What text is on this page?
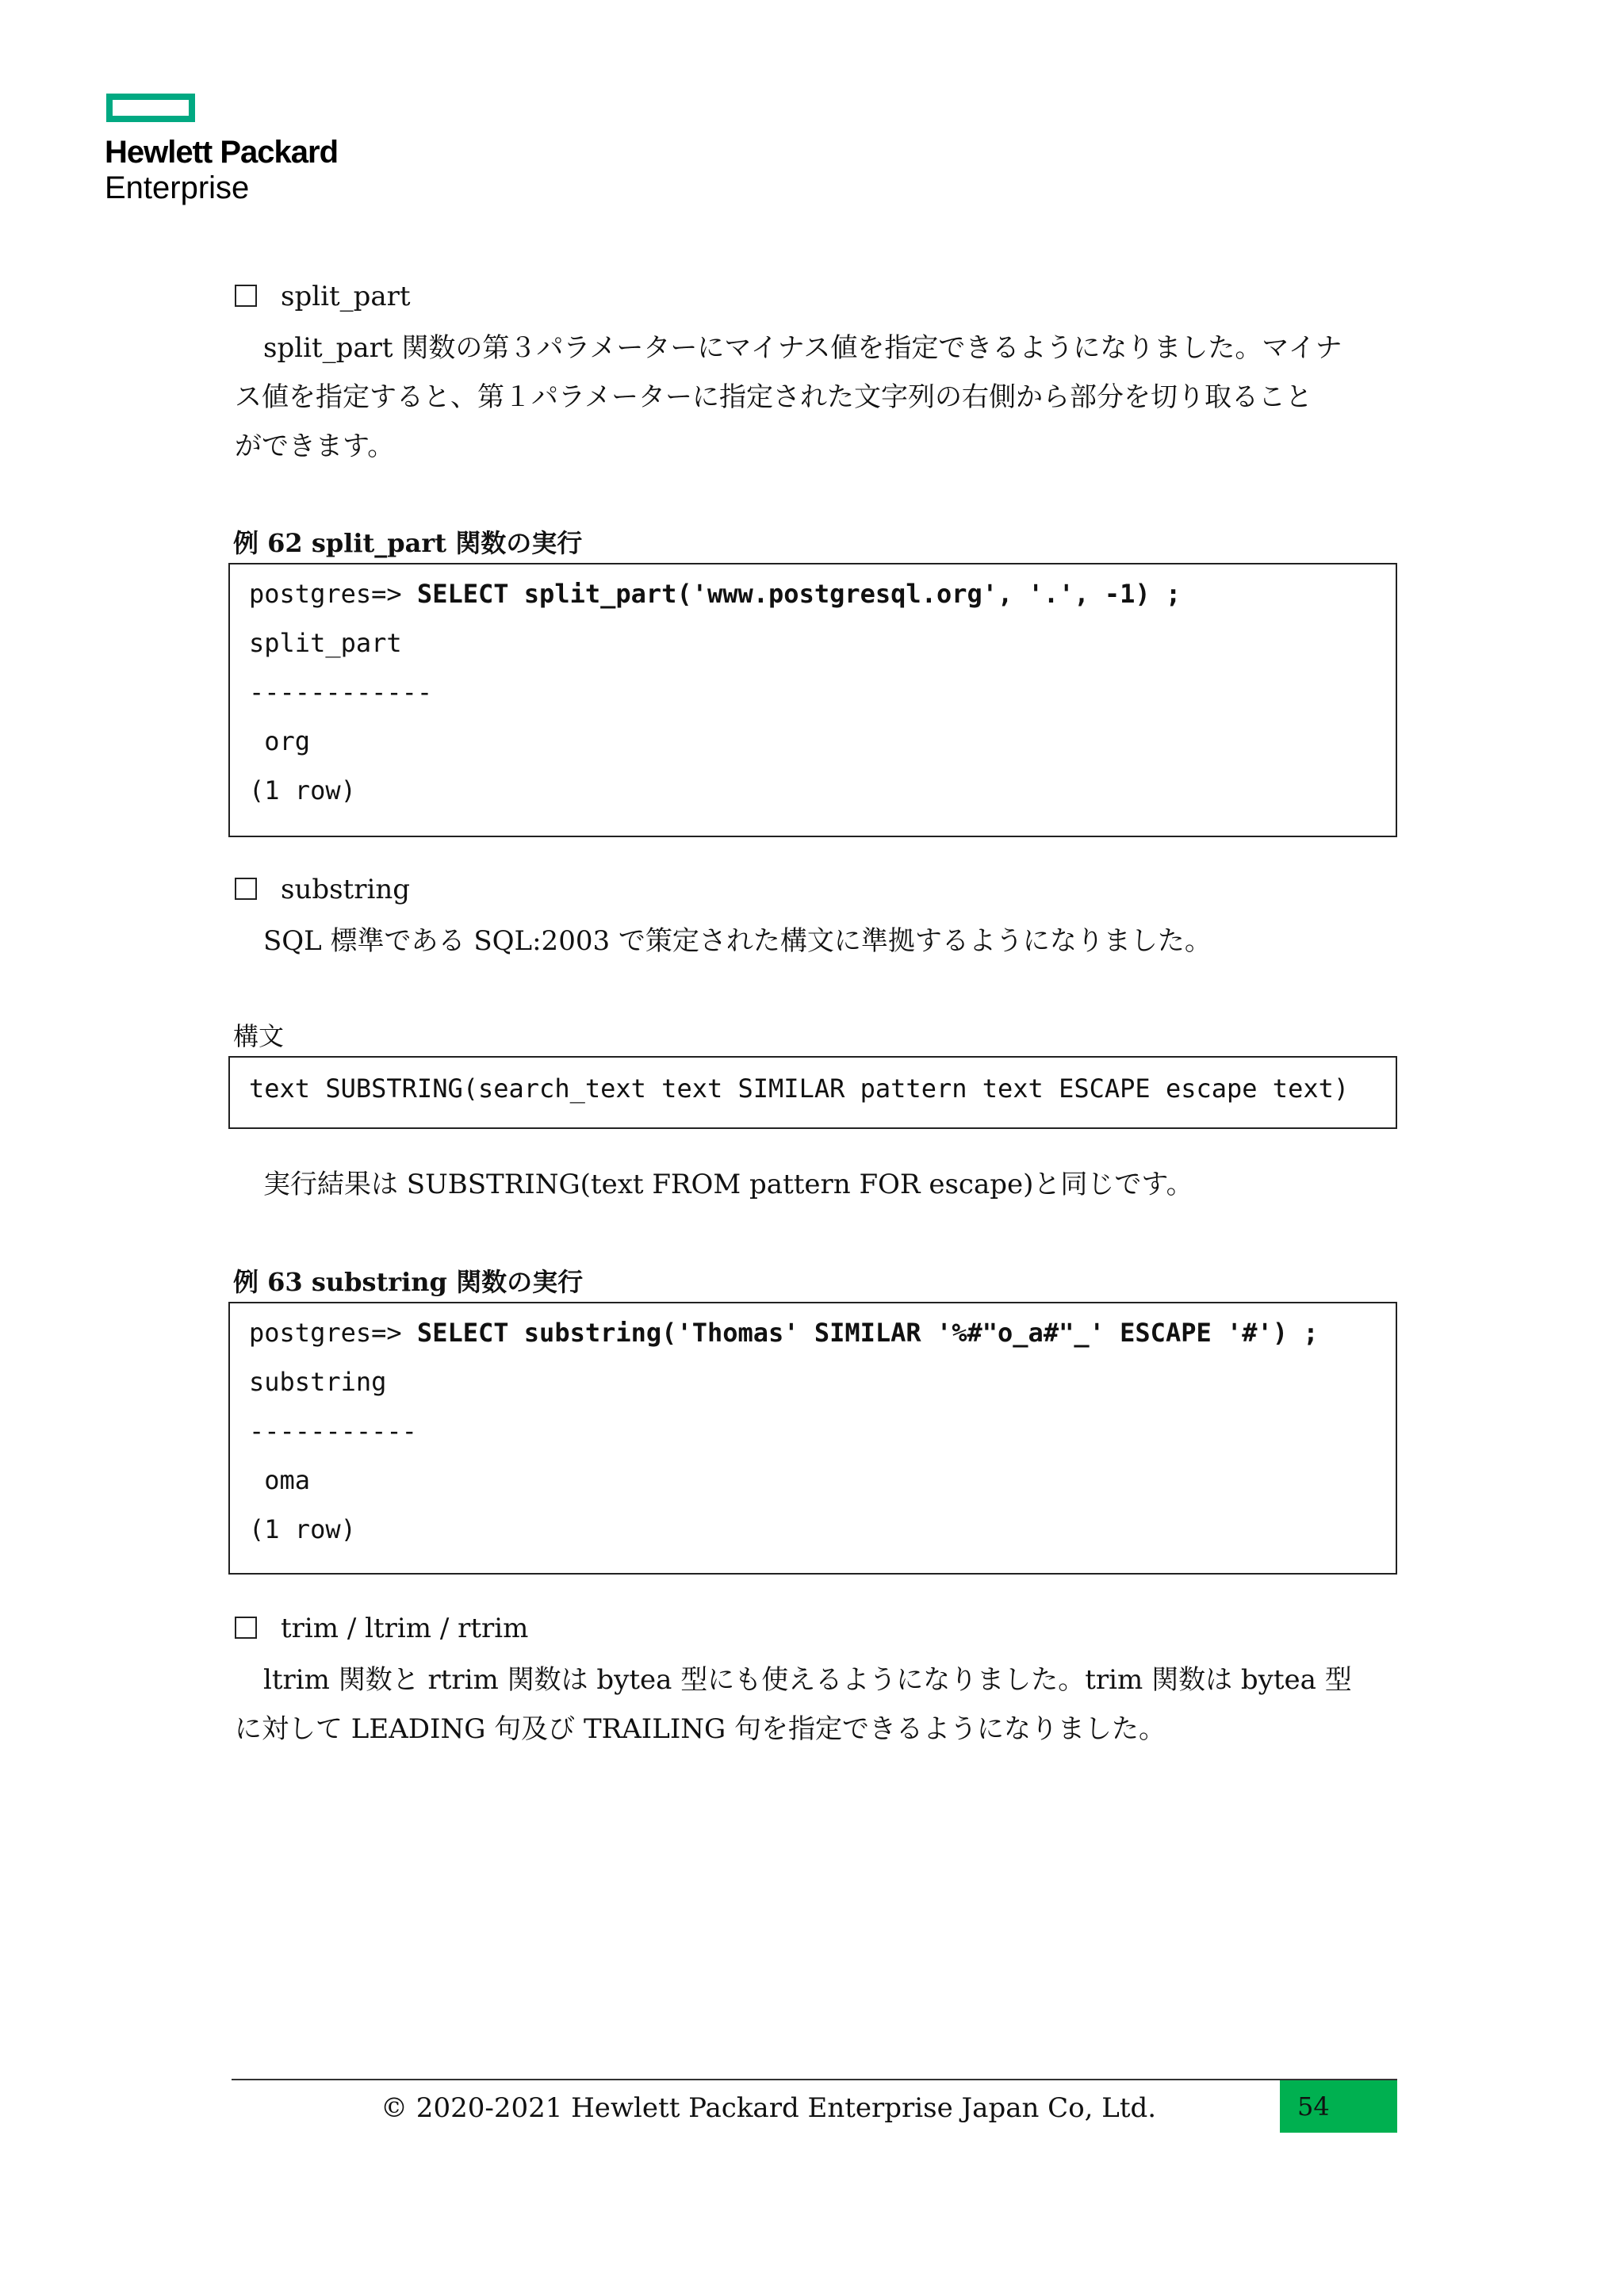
Hewlett Packard
Enterprise
split_part

split_part 関数の第３パラメーターにマイナス値を指定できるようになりました。マイナ

ス値を指定すると、第１パラメーターに指定された文字列の右側から部分を切り取ること
ができます。
例 62 split_part 関数の実行
postgres=> SELECT split_part('www.postgresql.org', '.', -1) ;
split_part
------------
org
(1 row)
substring

SQL 標準である SQL:2003 で策定された構文に準拠するようになりました。

構文
text SUBSTRING(search_text text SIMILAR pattern text ESCAPE escape text)
実行結果は SUBSTRING(text FROM pattern FOR escape)と同じです。
例 63 substring 関数の実行
postgres=> SELECT substring('Thomas' SIMILAR '%#"o_a#"_' ESCAPE '#') ;
substring
-----------
oma
(1 row)
trim / ltrim / rtrim

ltrim 関数と rtrim 関数は bytea 型にも使えるようになりました。trim 関数は bytea 型

に対して LEADING 句及び TRAILING 句を指定できるようになりました。
© 2020-2021 Hewlett Packard Enterprise Japan Co, Ltd.	54
